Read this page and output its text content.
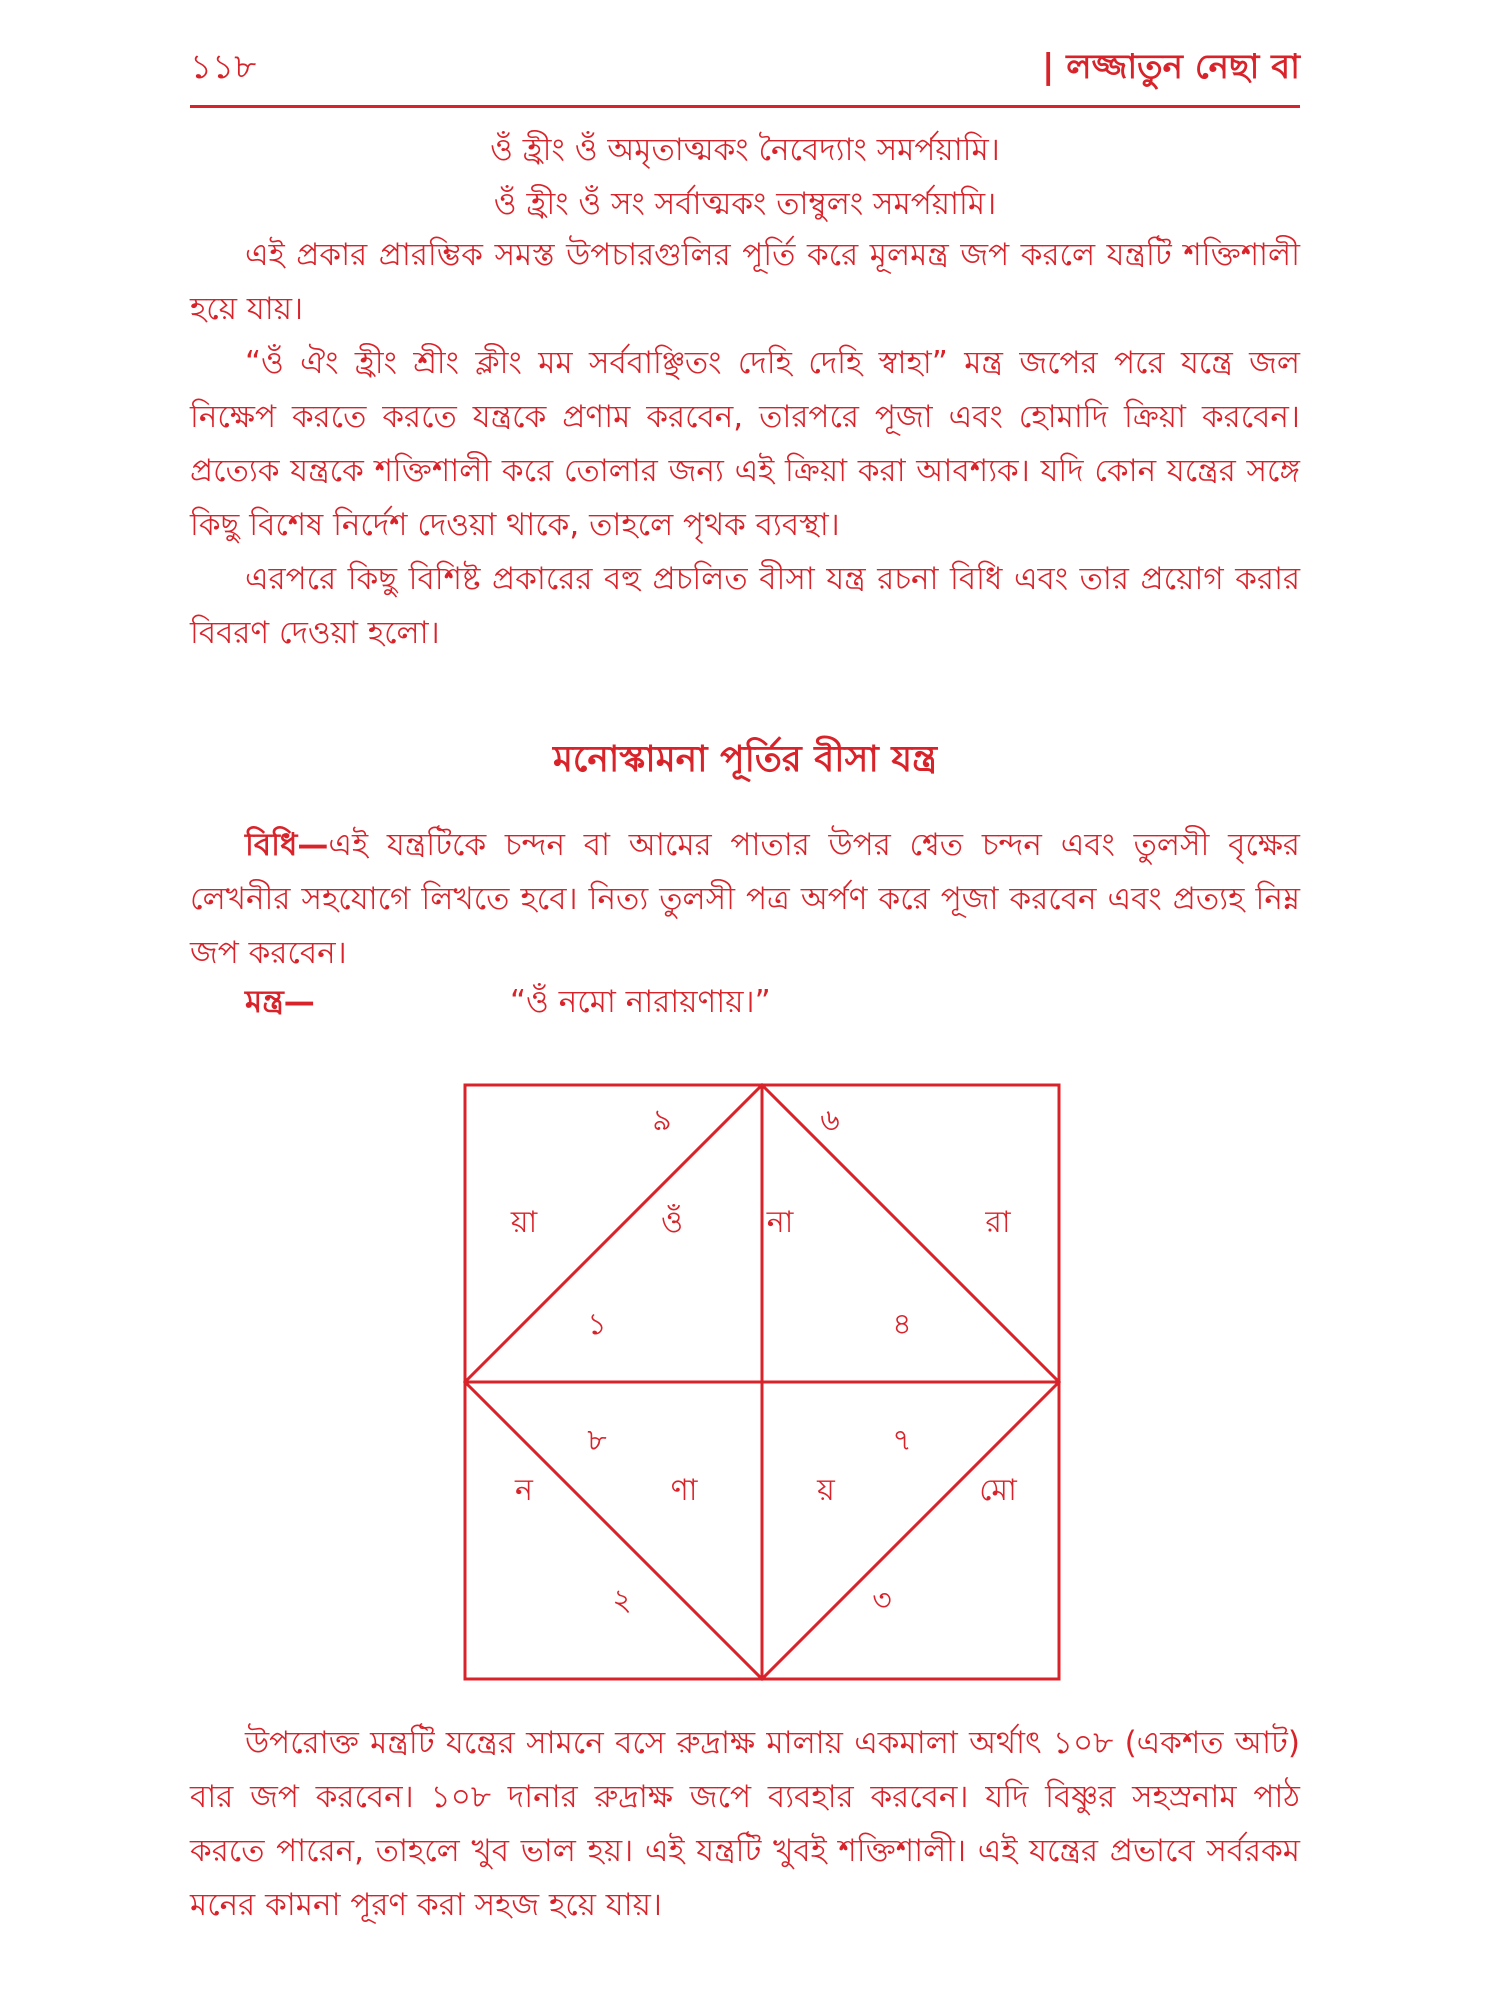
১১৮	| লজ্জাতুন নেছা বা
ওঁ হ্রীং ওঁ অমৃতাত্মকং নৈবেদ্যাং সমর্পয়ামি।
ওঁ হ্রীং ওঁ সং সর্বাত্মকং তাম্বুলং সমর্পয়ামি।

এই প্রকার প্রারম্ভিক সমস্ত উপচারগুলির পূর্তি করে মূলমন্ত্র জপ করলে যন্ত্রটি শক্তিশালী হয়ে যায়।

“ওঁ ঐং হ্রীং শ্রীং ক্লীং মম সর্ববাঞ্ছিতং দেহি দেহি স্বাহা” মন্ত্র জপের পরে যন্ত্রে জল নিক্ষেপ করতে করতে যন্ত্রকে প্রণাম করবেন, তারপরে পূজা এবং হোমাদি ক্রিয়া করবেন। প্রত্যেক যন্ত্রকে শক্তিশালী করে তোলার জন্য এই ক্রিয়া করা আবশ্যক। যদি কোন যন্ত্রের সঙ্গে কিছু বিশেষ নির্দেশ দেওয়া থাকে, তাহলে পৃথক ব্যবস্থা।

এরপরে কিছু বিশিষ্ট প্রকারের বহু প্রচলিত বীসা যন্ত্র রচনা বিধি এবং তার প্রয়োগ করার বিবরণ দেওয়া হলো।

মনোস্কামনা পূর্তির বীসা যন্ত্র

বিধি—এই যন্ত্রটিকে চন্দন বা আমের পাতার উপর শ্বেত চন্দন এবং তুলসী বৃক্ষের লেখনীর সহযোগে লিখতে হবে। নিত্য তুলসী পত্র অর্পণ করে পূজা করবেন এবং প্রত্যহ নিম্ন জপ করবেন।

মন্ত্র—	“ওঁ নমো নারায়ণায়।”
৯	৬
য়া	ওঁ	না	রা
১	৪
৮	৭
ন	ণা	য়	মো
২	৩

উপরোক্ত মন্ত্রটি যন্ত্রের সামনে বসে রুদ্রাক্ষ মালায় একমালা অর্থাৎ ১০৮ (একশত আট) বার জপ করবেন। ১০৮ দানার রুদ্রাক্ষ জপে ব্যবহার করবেন। যদি বিষ্ণুর সহস্রনাম পাঠ করতে পারেন, তাহলে খুব ভাল হয়। এই যন্ত্রটি খুবই শক্তিশালী। এই যন্ত্রের প্রভাবে সর্বরকম মনের কামনা পূরণ করা সহজ হয়ে যায়।
